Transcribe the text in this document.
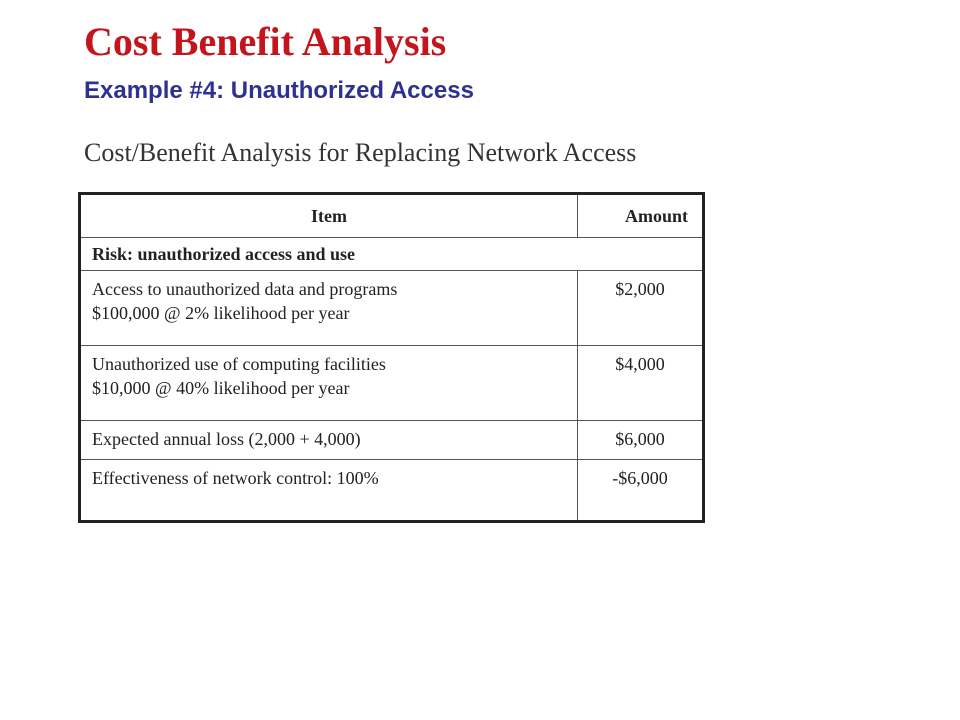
Cost Benefit Analysis
Example #4: Unauthorized Access
Cost/Benefit Analysis for Replacing Network Access
Item	Amount
Risk: unauthorized access and use	

Access to unauthorized data and programs
$100,000 @ 2% likelihood per year	$2,000

Unauthorized use of computing facilities
$10,000 @ 40% likelihood per year	$4,000
Expected annual loss (2,000 + 4,000)	$6,000
Effectiveness of network control: 100%	-$6,000
